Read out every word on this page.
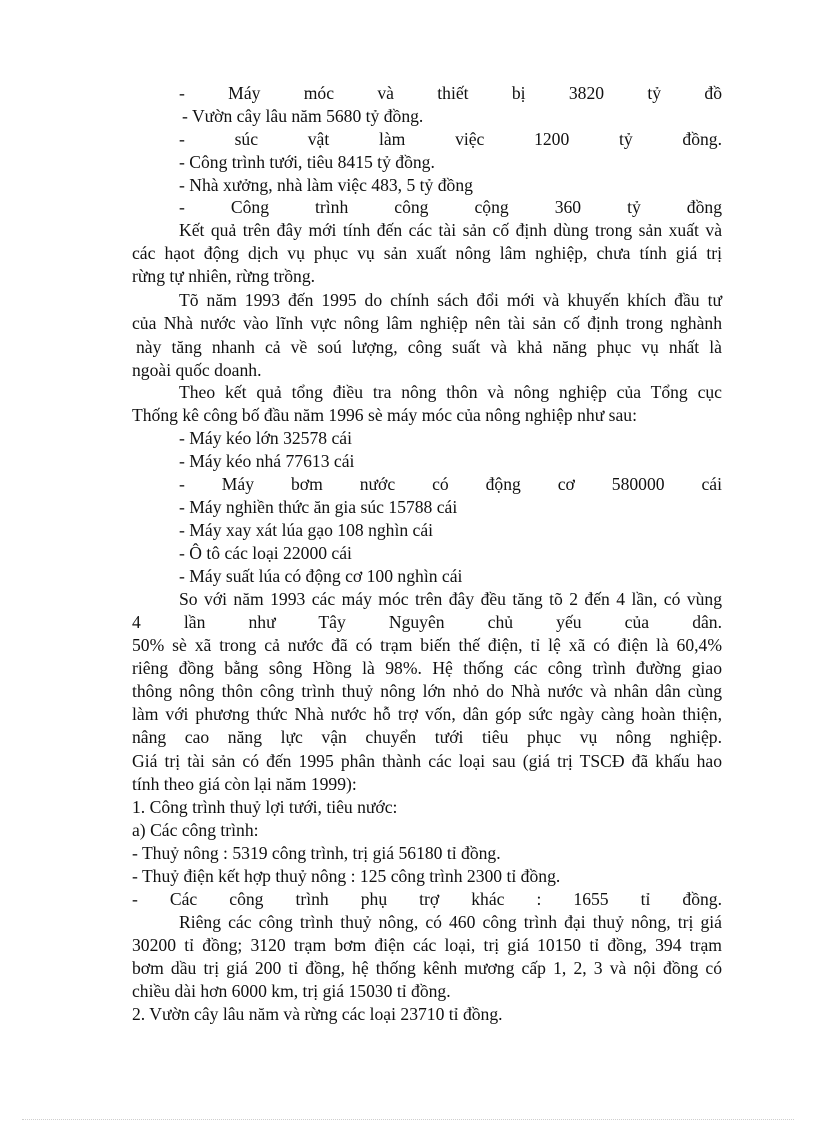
- Máy móc và thiết bị 3820 tỷ đồ

- Vườn cây lâu năm 5680 tỷ đồng.

- súc vật làm việc 1200 tỷ đồng.

- Công trình tưới, tiêu 8415 tỷ đồng.

- Nhà xưởng, nhà làm việc 483, 5 tỷ đồng

- Công trình công cộng 360 tỷ đồng

Kết quả trên đây mới tính đến các tài sản cố định dùng trong sản xuất và

các hạot động dịch vụ phục vụ sản xuất nông lâm nghiệp, chưa tính giá trị

rừng tự nhiên, rừng trồng.

Tõ năm 1993 đến 1995 do chính sách đổi mới và khuyến khích đầu tư

của Nhà nước vào lĩnh vực nông lâm nghiệp nên tài sản cố định trong nghành

này tăng nhanh cả về soú lượng, công suất và khả năng phục vụ nhất là

ngoài quốc doanh.

Theo kết quả tổng điều tra nông thôn và nông nghiệp của Tổng cục

Thống kê công bố đầu năm 1996 sè máy móc của nông nghiệp như sau:

- Máy kéo lớn 32578 cái

- Máy kéo nhá 77613 cái

- Máy bơm nước có động cơ 580000 cái

- Máy nghiền thức ăn gia súc 15788 cái

- Máy xay xát lúa gạo 108 nghìn cái

- Ô tô các loại 22000 cái

- Máy suất lúa có động cơ 100 nghìn cái

So với năm 1993 các máy móc trên đây đều tăng tõ 2 đến 4 lần, có vùng

4 lần như Tây Nguyên chủ yếu của dân.

50% sè xã trong cả nước đã có trạm biến thế điện, tỉ lệ xã có điện là 60,4%

riêng đồng bằng sông Hồng là 98%. Hệ thống các công trình đường giao

thông nông thôn công trình thuỷ nông lớn nhỏ do Nhà nước và nhân dân cùng

làm với phương thức Nhà nước hỗ trợ vốn, dân góp sức ngày càng hoàn thiện,

nâng cao năng lực vận chuyển tưới tiêu phục vụ nông nghiệp.

Giá trị tài sản có đến 1995 phân thành các loại sau (giá trị TSCĐ đã khấu hao

tính theo giá còn lại năm 1999):

1. Công trình thuỷ lợi tưới, tiêu nước:

a) Các công trình:

- Thuỷ nông : 5319 công trình, trị giá 56180 tỉ đồng.

- Thuỷ điện kết hợp thuỷ nông : 125 công trình 2300 tỉ đồng.

- Các công trình phụ trợ khác : 1655 tỉ đồng.

Riêng các công trình thuỷ nông, có 460 công trình đại thuỷ nông, trị giá

30200 tỉ đồng; 3120 trạm bơm điện các loại, trị giá 10150 tỉ đồng, 394 trạm

bơm dầu trị giá 200 tỉ đồng, hệ thống kênh mương cấp 1, 2, 3 và nội đồng có

chiều dài hơn 6000 km, trị giá 15030 tỉ đồng.

2. Vườn cây lâu năm và rừng các loại 23710 tỉ đồng.
